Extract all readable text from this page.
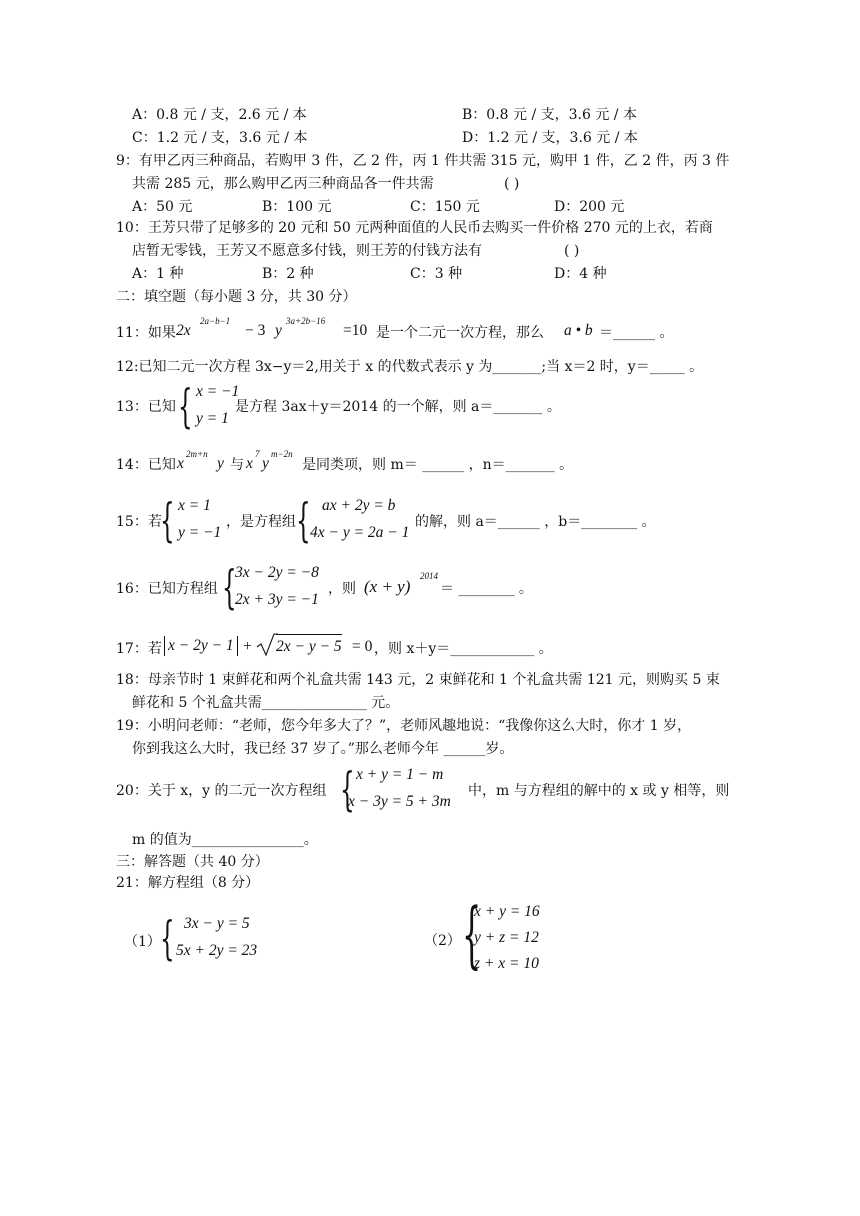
A：0.8 元 / 支，2.6 元 / 本	B：0.8 元 / 支，3.6 元 / 本
C：1.2 元 / 支，3.6 元 / 本	D：1.2 元 / 支，3.6 元 / 本
9：有甲乙丙三种商品，若购甲 3 件，乙 2 件，丙 1 件共需 315 元，购甲 1 件，乙 2 件，丙 3 件
共需 285 元，那么购甲乙丙三种商品各一件共需	( )
A：50 元	B：100 元	C：150 元	D：200 元
10：王芳只带了足够多的 20 元和 50 元两种面值的人民币去购买一件价格 270 元的上衣，若商
店暂无零钱，王芳又不愿意多付钱，则王芳的付钱方法有	( )
A：1 种	B：2 种	C：3 种	D：4 种
二：填空题（每小题 3 分，共 30 分）
11：如果 2x
2a−b−1
− 3 y
3a+2b−16
=10 是一个二元一次方程，那么 a • b ＝______ 。
12:已知二元一次方程 3x−y＝2,用关于 x 的代数式表示 y 为_______;当 x＝2 时，y＝_____ 。
13：已知 { x = −1
y = 1
是方程 3ax＋y＝2014 的一个解，则 a＝_______ 。
14：已知 x
2m+n
y 与 x
7
y
m−2n
是同类项，则 m＝ ______ ，n＝_______ 。
15：若
{ x = 1
y = −1
，是方程组 { ax + 2y = b
4x − y = 2a − 1
的解，则 a＝______ ，b＝________ 。
16：已知方程组 {
3x − 2y = −8
2x + 3y = −1
，则 (x + y)
2014
＝ ________ 。
17：若 x − 2y − 1 + 2x − y − 5 = 0 ，则 x＋y＝____________ 。
18：母亲节时 1 束鲜花和两个礼盒共需 143 元，2 束鲜花和 1 个礼盒共需 121 元，则购买 5 束
鲜花和 5 个礼盒共需_______________ 元。
19：小明问老师：“老师，您今年多大了？”，老师风趣地说：“我像你这么大时，你才 1 岁，
你到我这么大时，我已经 37 岁了。”那么老师今年 ______岁。
20：关于 x，y 的二元一次方程组 { x + y = 1 − m
x − 3y = 5 + 3m
中，m 与方程组的解中的 x 或 y 相等，则
m 的值为________________。
三：解答题（共 40 分）
21：解方程组（8 分）
（1） { 3x − y = 5
5x + 2y = 23
（2） {
x + y = 16
y + z = 12
z + x = 10
